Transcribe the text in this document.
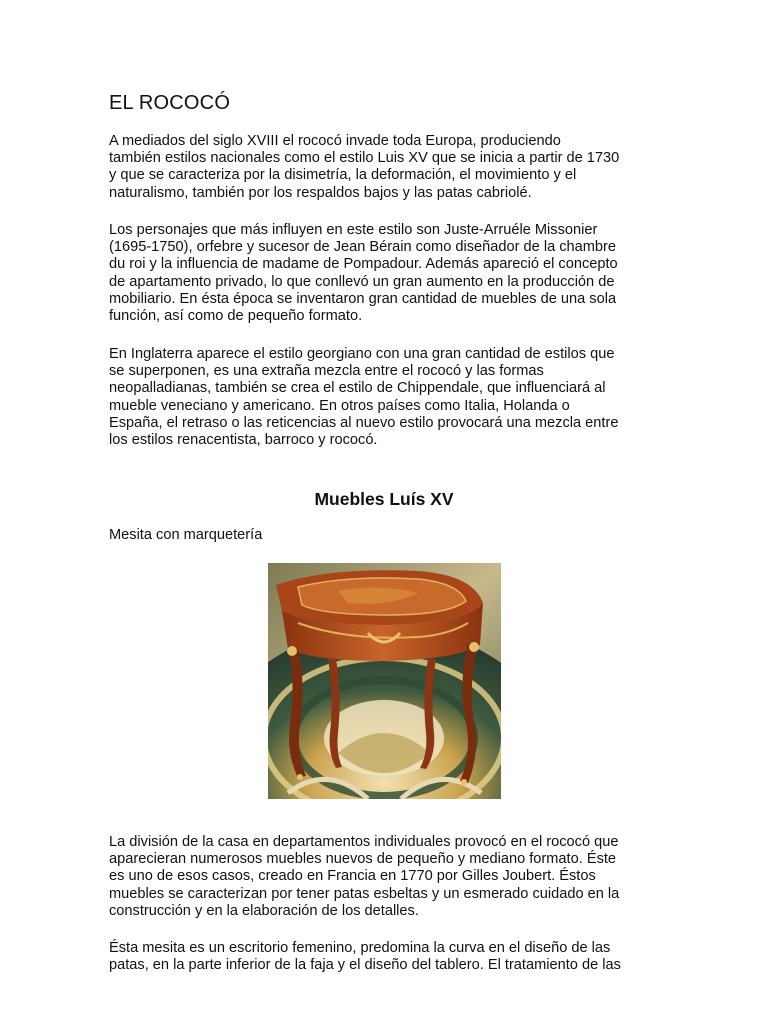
EL ROCOCÓ

A mediados del siglo XVIII el rococó invade toda Europa, produciendo
también estilos nacionales como el estilo Luis XV que se inicia a partir de 1730
y que se caracteriza por la disimetría, la deformación, el movimiento y el
naturalismo, también por los respaldos bajos y las patas cabriolé.

Los personajes que más influyen en este estilo son Juste-Arruéle Missonier
(1695-1750), orfebre y sucesor de Jean Bérain como diseñador de la chambre
du roi y la influencia de madame de Pompadour. Además apareció el concepto
de apartamento privado, lo que conllevó un gran aumento en la producción de
mobiliario. En ésta época se inventaron gran cantidad de muebles de una sola
función, así como de pequeño formato.

En Inglaterra aparece el estilo georgiano con una gran cantidad de estilos que
se superponen, es una extraña mezcla entre el rococó y las formas
neopalladianas, también se crea el estilo de Chippendale, que influenciará al
mueble veneciano y americano. En otros países como Italia, Holanda o
España, el retraso o las reticencias al nuevo estilo provocará una mezcla entre
los estilos renacentista, barroco y rococó.

Muebles Luís XV

Mesita con marquetería

La división de la casa en departamentos individuales provocó en el rococó que
aparecieran numerosos muebles nuevos de pequeño y mediano formato. Éste
es uno de esos casos, creado en Francia en 1770 por Gilles Joubert. Éstos
muebles se caracterizan por tener patas esbeltas y un esmerado cuidado en la
construcción y en la elaboración de los detalles.

Ésta mesita es un escritorio femenino, predomina la curva en el diseño de las
patas, en la parte inferior de la faja y el diseño del tablero. El tratamiento de las
